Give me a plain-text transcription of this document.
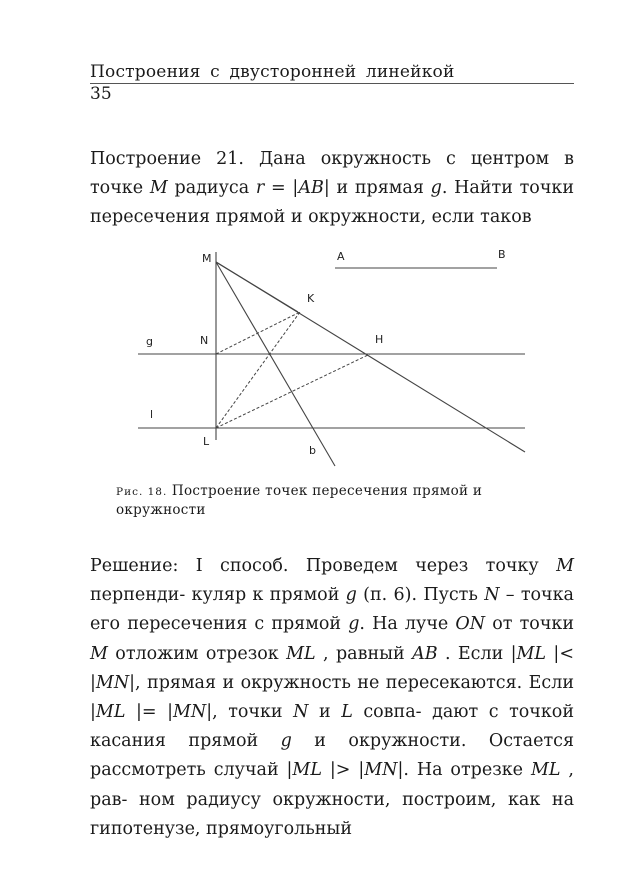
Построения с двусторонней линейкой
35
Построение 21. Дана окружность с центром в точке M радиуса r = |AB| и прямая g. Найти точки пересечения прямой и окружности, если таков
M	A	B
K
N	H
g
l
L
b
Рис. 18. Построение точек пересечения прямой и окружности
Решение: I способ. Проведем через точку M перпенди- куляр к прямой g (п. 6). Пусть N – точка его пересечения с прямой g. На луче ON от точки M отложим отрезок ML , равный AB . Если |ML |< |MN|, прямая и окружность не пересекаются. Если |ML |= |MN|, точки N и L совпа- дают с точкой касания прямой g и окружности. Остается рассмотреть случай |ML |> |MN|. На отрезке ML , рав- ном радиусу окружности, построим, как на гипотенузе, прямоугольный
